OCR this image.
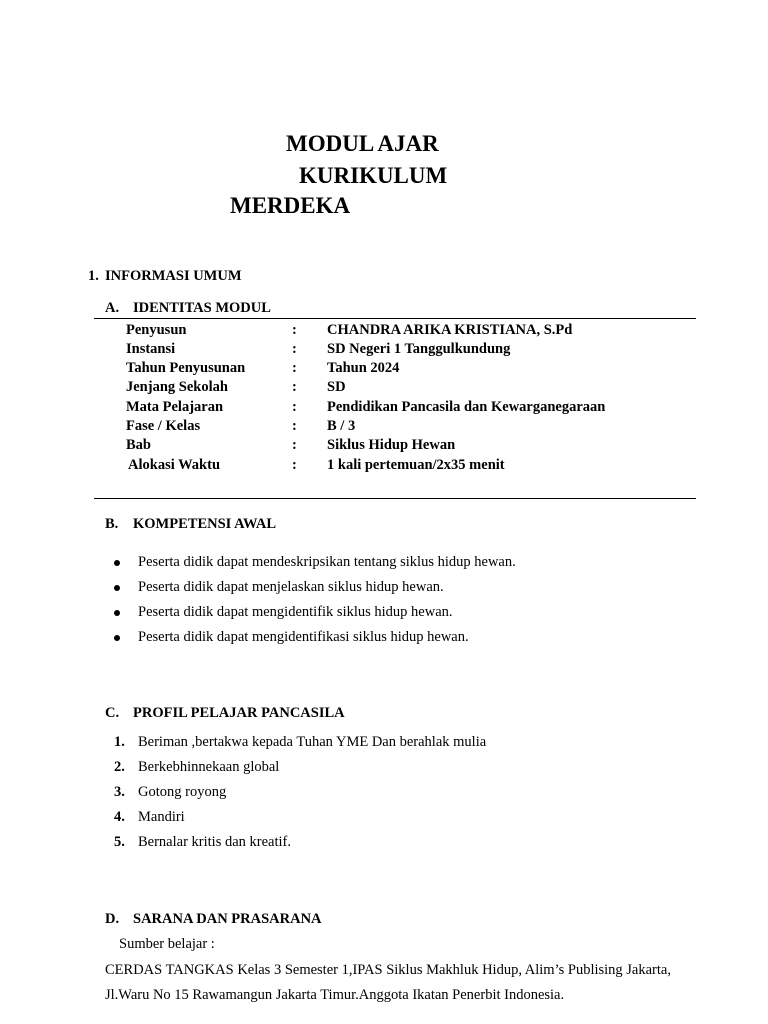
MODUL AJAR
KURIKULUM
MERDEKA
1. INFORMASI UMUM
A. IDENTITAS MODUL
Penyusun	: CHANDRA ARIKA KRISTIANA, S.Pd
Instansi	: SD Negeri 1 Tanggulkundung
Tahun Penyusunan	: Tahun 2024
Jenjang Sekolah	: SD
Mata Pelajaran	: Pendidikan Pancasila dan Kewarganegaraan
Fase / Kelas	: B / 3
Bab	: Siklus Hidup Hewan
Alokasi Waktu	: 1 kali pertemuan/2x35 menit
B. KOMPETENSI AWAL
Peserta didik dapat mendeskripsikan tentang siklus hidup hewan.
Peserta didik dapat menjelaskan siklus hidup hewan.
Peserta didik dapat mengidentifik siklus hidup hewan.
Peserta didik dapat mengidentifikasi siklus hidup hewan.
C. PROFIL PELAJAR PANCASILA
1. Beriman ,bertakwa kepada Tuhan YME Dan berahlak mulia
2. Berkebhinnekaan global
3. Gotong royong
4. Mandiri
5. Bernalar kritis dan kreatif.
D. SARANA DAN PRASARANA
Sumber belajar :
CERDAS TANGKAS Kelas 3 Semester 1,IPAS Siklus Makhluk Hidup, Alim’s Publising Jakarta,
Jl.Waru No 15 Rawamangun Jakarta Timur.Anggota Ikatan Penerbit Indonesia.
